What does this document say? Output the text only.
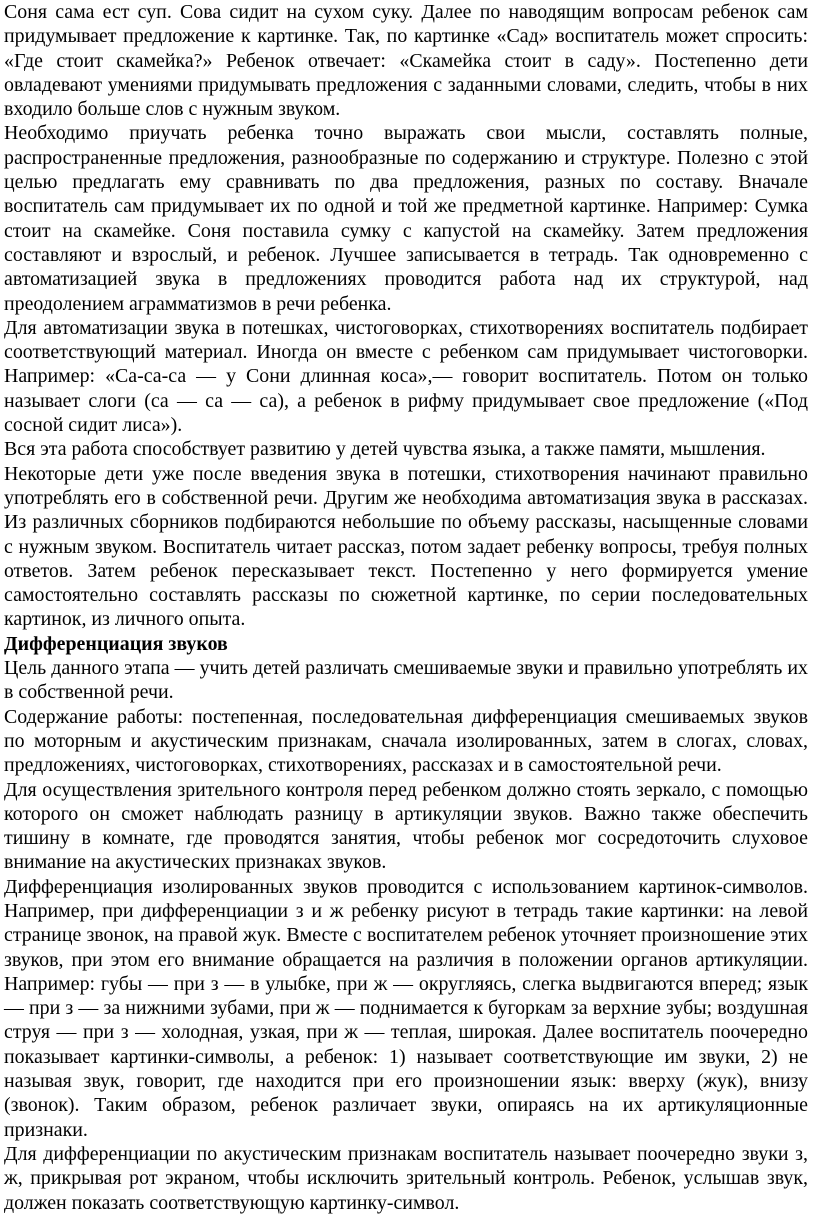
Соня сама ест суп. Сова сидит на сухом суку. Далее по наводящим вопросам ребенок сам придумывает предложение к картинке. Так, по картинке «Сад» воспитатель может спросить: «Где стоит скамейка?» Ребенок отвечает: «Скамейка стоит в саду». Постепенно дети овладевают умениями придумывать предложения с заданными словами, следить, чтобы в них входило больше слов с нужным звуком.

Необходимо приучать ребенка точно выражать свои мысли, составлять полные, распространенные предложения, разнообразные по содержанию и структуре. Полезно с этой целью предлагать ему сравнивать по два предложения, разных по составу. Вначале воспитатель сам придумывает их по одной и той же предметной картинке. Например: Сумка стоит на скамейке. Соня поставила сумку с капустой на скамейку. Затем предложения составляют и взрослый, и ребенок. Лучшее записывается в тетрадь. Так одновременно с автоматизацией звука в предложениях проводится работа над их структурой, над преодолением аграмматизмов в речи ребенка.

Для автоматизации звука в потешках, чистоговорках, стихотворениях воспитатель подбирает соответствующий материал. Иногда он вместе с ребенком сам придумывает чистоговорки. Например: «Са-са-са — у Сони длинная коса»,— говорит воспитатель. Потом он только называет слоги (са — са — са), а ребенок в рифму придумывает свое предложение («Под сосной сидит лиса»).

Вся эта работа способствует развитию у детей чувства языка, а также памяти, мышления.

Некоторые дети уже после введения звука в потешки, стихотворения начинают правильно употреблять его в собственной речи. Другим же необходима автоматизация звука в рассказах. Из различных сборников подбираются небольшие по объему рассказы, насыщенные словами с нужным звуком. Воспитатель читает рассказ, потом задает ребенку вопросы, требуя полных ответов. Затем ребенок пересказывает текст. Постепенно у него формируется умение самостоятельно составлять рассказы по сюжетной картинке, по серии последовательных картинок, из личного опыта.

Дифференциация звуков

Цель данного этапа — учить детей различать смешиваемые звуки и правильно употреблять их в собственной речи.

Содержание работы: постепенная, последовательная дифференциация смешиваемых звуков по моторным и акустическим признакам, сначала изолированных, затем в слогах, словах, предложениях, чистоговорках, стихотворениях, рассказах и в самостоятельной речи.

Для осуществления зрительного контроля перед ребенком должно стоять зеркало, с помощью которого он сможет наблюдать разницу в артикуляции звуков. Важно также обеспечить тишину в комнате, где проводятся занятия, чтобы ребенок мог сосредоточить слуховое внимание на акустических признаках звуков.

Дифференциация изолированных звуков проводится с использованием картинок-символов. Например, при дифференциации з и ж ребенку рисуют в тетрадь такие картинки: на левой странице звонок, на правой жук. Вместе с воспитателем ребенок уточняет произношение этих звуков, при этом его внимание обращается на различия в положении органов артикуляции. Например: губы — при з — в улыбке, при ж — округляясь, слегка выдвигаются вперед; язык — при з — за нижними зубами, при ж — поднимается к бугоркам за верхние зубы; воздушная струя — при з — холодная, узкая, при ж — теплая, широкая. Далее воспитатель поочередно показывает картинки-символы, а ребенок: 1) называет соответствующие им звуки, 2) не называя звук, говорит, где находится при его произношении язык: вверху (жук), внизу (звонок). Таким образом, ребенок различает звуки, опираясь на их артикуляционные признаки.

Для дифференциации по акустическим признакам воспитатель называет поочередно звуки з, ж, прикрывая рот экраном, чтобы исключить зрительный контроль. Ребенок, услышав звук, должен показать соответствующую картинку-символ.
